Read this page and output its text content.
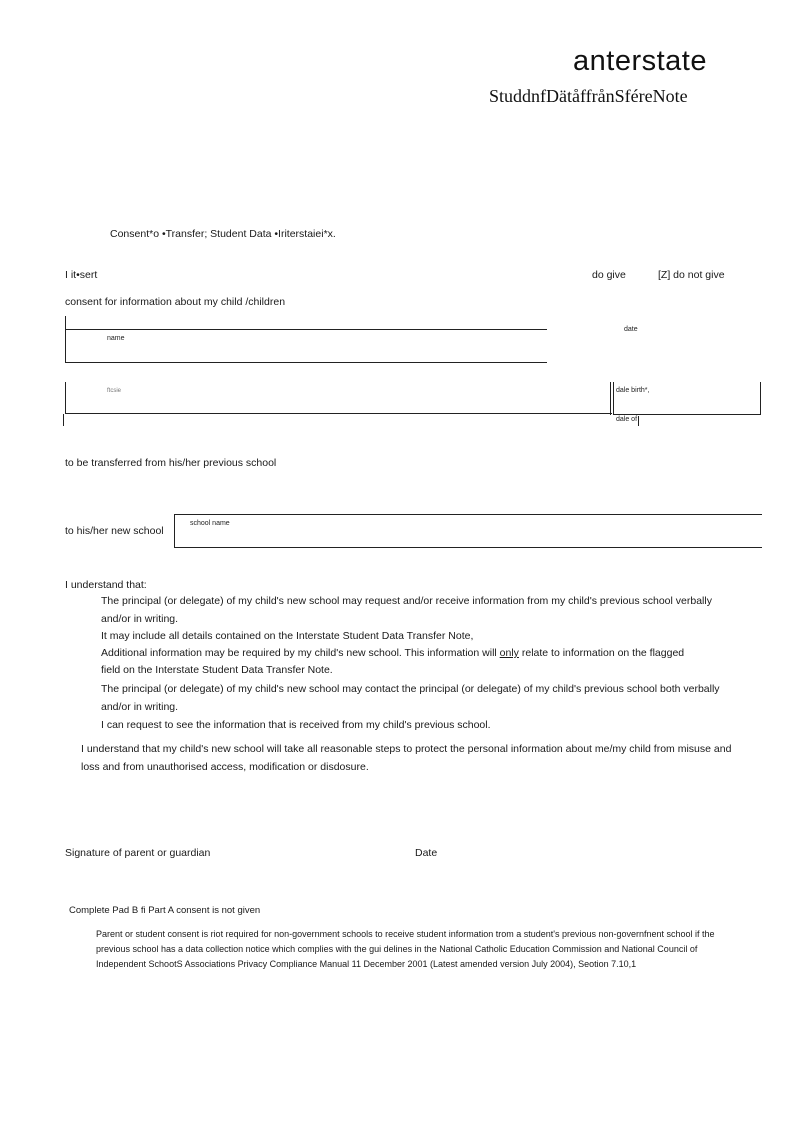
anterstate
StuddnfDätåffrånSféreNote
Consent*o •Transfer; Student Data •Iriterstaiei*x.
I it•sert	do give	[Z] do not give
consent for information about my child /children
name
date
ftcsie	dale birth*,
dale of
to be transferred from his/her previous school
to his/her new school
school name
I understand that:
The principal (or delegate) of my child's new school may request and/or receive information from my child's previous school verbally and/or in writing.
It may include all details contained on the Interstate Student Data Transfer Note,
Additional information may be required by my child's new school. This information will only relate to information on the flagged
field on the Interstate Student Data Transfer Note.
The principal (or delegate) of my child's new school may contact the principal (or delegate) of my child's previous school both verbally and/or in writing.
I can request to see the information that is received from my child's previous school.
I understand that my child's new school will take all reasonable steps to protect the personal information about me/my child from misuse and loss and from unauthorised access, modification or disdosure.
Signature of parent or guardian	Date
Complete Pad B fi Part A consent is not given
Parent or student consent is riot required for non-government schools to receive student information trom a student's previous non-governfnent school if the previous school has a data collection notice which complies with the gui delines in the National Catholic Education Commission and National Council of Independent SchootS Associations Privacy Compliance Manual 11 December 2001 (Latest amended version July 2004), Seotion 7.10,1
